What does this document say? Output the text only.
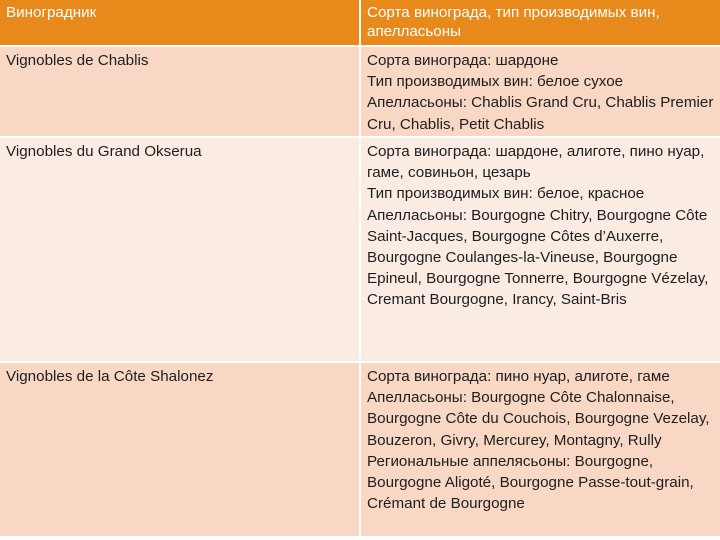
Виноградник	Сорта винограда, тип производимых вин, апелласьоны
Vignobles de Chablis	Сорта винограда: шардоне
Тип производимых вин: белое сухое
Апелласьоны: Chablis Grand Cru, Chablis Premier Cru, Chablis, Petit Chablis

Vignobles du Grand Okserua	Сорта винограда: шардоне, алиготе, пино нуар, гаме, совиньон, цезарь
Тип производимых вин: белое, красное
Апелласьоны: Bourgogne Chitry, Bourgogne Côte Saint-Jacques, Bourgogne Côtes d’Auxerre, Bourgogne Coulanges-la-Vineuse, Bourgogne Epineul, Bourgogne Tonnerre, Bourgogne Vézelay, Cremant Bourgogne, Irancy, Saint-Bris

Vignobles de la Côte Shalonez	Сорта винограда: пино нуар, алиготе, гаме
Апелласьоны: Bourgogne Côte Chalonnaise, Bourgogne Côte du Couchois, Bourgogne Vezelay, Bouzeron, Givry, Mercurey, Montagny, Rully
Региональные аппелясьоны: Bourgogne, Bourgogne Aligoté, Bourgogne Passe-tout-grain, Crémant de Bourgogne
